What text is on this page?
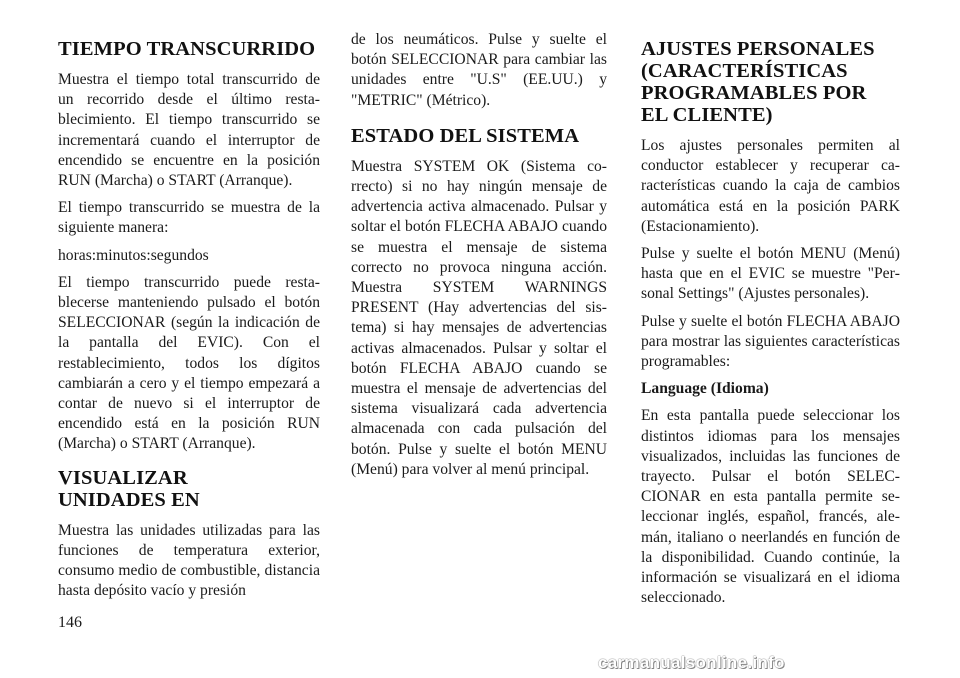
TIEMPO TRANSCURRIDO

Muestra el tiempo total transcurrido de un recorrido desde el último restablecimiento. El tiempo transcurrido se incrementará cuando el interruptor de encendido se encuentre en la posición RUN (Marcha) o START (Arranque).

El tiempo transcurrido se muestra de la siguiente manera:

horas:minutos:segundos

El tiempo transcurrido puede restablecerse manteniendo pulsado el botón SELECCIONAR (según la indicación de la pantalla del EVIC). Con el restablecimiento, todos los dígitos cambiarán a cero y el tiempo empezará a contar de nuevo si el interruptor de encendido está en la posición RUN (Marcha) o START (Arranque).

VISUALIZAR UNIDADES EN

Muestra las unidades utilizadas para las funciones de temperatura exterior, consumo medio de combustible, distancia hasta depósito vacío y presión

de los neumáticos. Pulse y suelte el botón SELECCIONAR para cambiar las unidades entre "U.S" (EE.UU.) y "METRIC" (Métrico).

ESTADO DEL SISTEMA

Muestra SYSTEM OK (Sistema correcto) si no hay ningún mensaje de advertencia activa almacenado. Pulsar y soltar el botón FLECHA ABAJO cuando se muestra el mensaje de sistema correcto no provoca ninguna acción. Muestra SYSTEM WARNINGS PRESENT (Hay advertencias del sistema) si hay mensajes de advertencias activas almacenados. Pulsar y soltar el botón FLECHA ABAJO cuando se muestra el mensaje de advertencias del sistema visualizará cada advertencia almacenada con cada pulsación del botón. Pulse y suelte el botón MENU (Menú) para volver al menú principal.

AJUSTES PERSONALES (CARACTERÍSTICAS PROGRAMABLES POR EL CLIENTE)

Los ajustes personales permiten al conductor establecer y recuperar características cuando la caja de cambios automática está en la posición PARK (Estacionamiento).

Pulse y suelte el botón MENU (Menú) hasta que en el EVIC se muestre "Personal Settings" (Ajustes personales).

Pulse y suelte el botón FLECHA ABAJO para mostrar las siguientes características programables:

Language (Idioma)

En esta pantalla puede seleccionar los distintos idiomas para los mensajes visualizados, incluidas las funciones de trayecto. Pulsar el botón SELECCIONAR en esta pantalla permite seleccionar inglés, español, francés, alemán, italiano o neerlandés en función de la disponibilidad. Cuando continúe, la información se visualizará en el idioma seleccionado.

146
carmanualsonline.info
